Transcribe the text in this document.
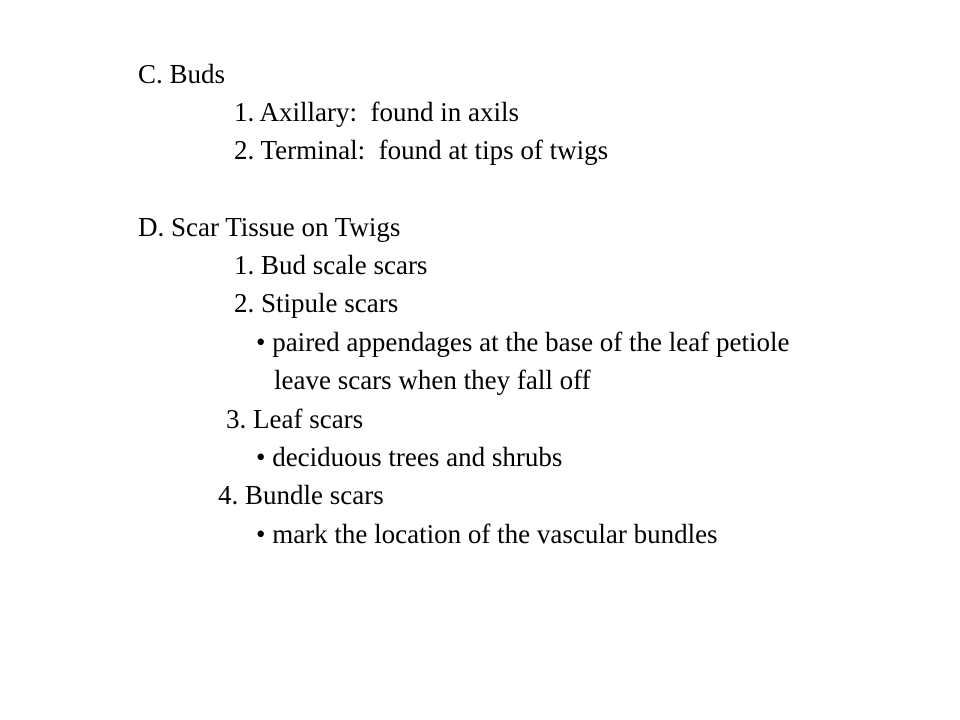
C. Buds
1. Axillary:  found in axils
2. Terminal:  found at tips of twigs
D. Scar Tissue on Twigs
1. Bud scale scars
2. Stipule scars
• paired appendages at the base of the leaf petiole
leave scars when they fall off
3. Leaf scars
• deciduous trees and shrubs
4. Bundle scars
• mark the location of the vascular bundles
